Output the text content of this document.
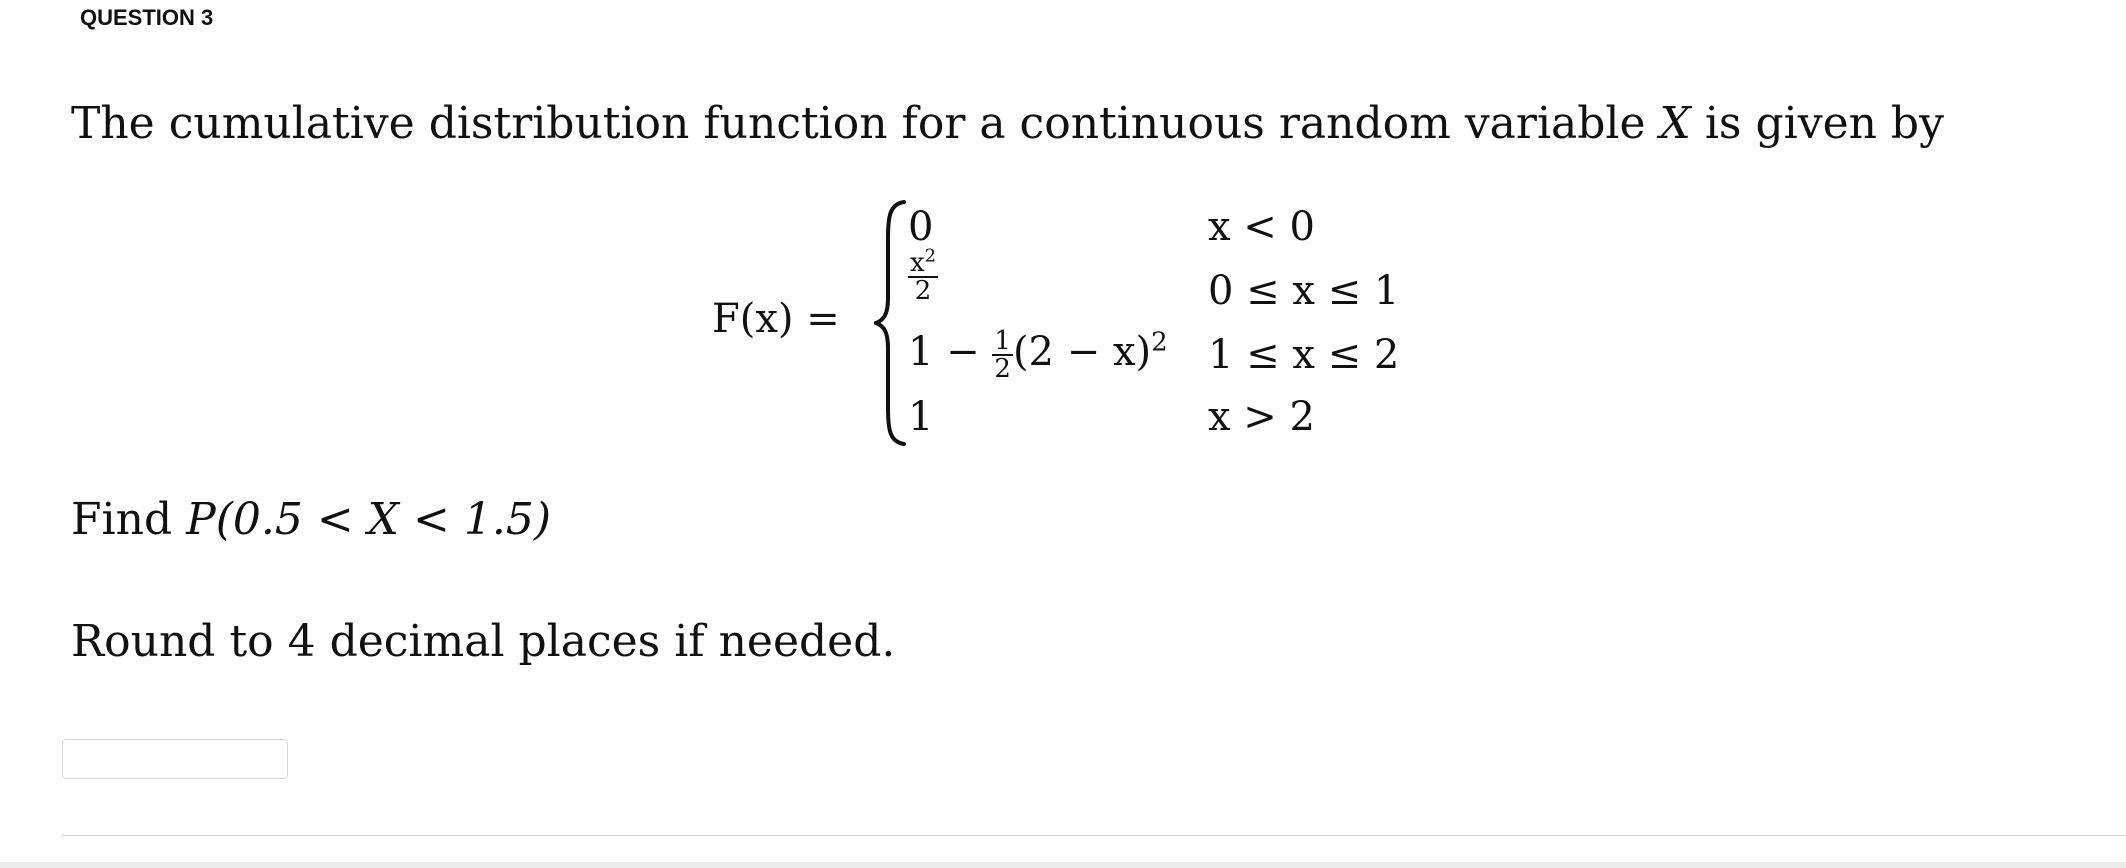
QUESTION 3
The cumulative distribution function for a continuous random variable X is given by
F(x) =
0	x < 0
$\frac{x^2}{2}$	0 ≤ x ≤ 1
$1 - \frac{1}{2} (2 - x)^2$ 1 ≤ x ≤ 2
1	x > 2
Find P(0.5 < X < 1.5)
Round to 4 decimal places if needed.
